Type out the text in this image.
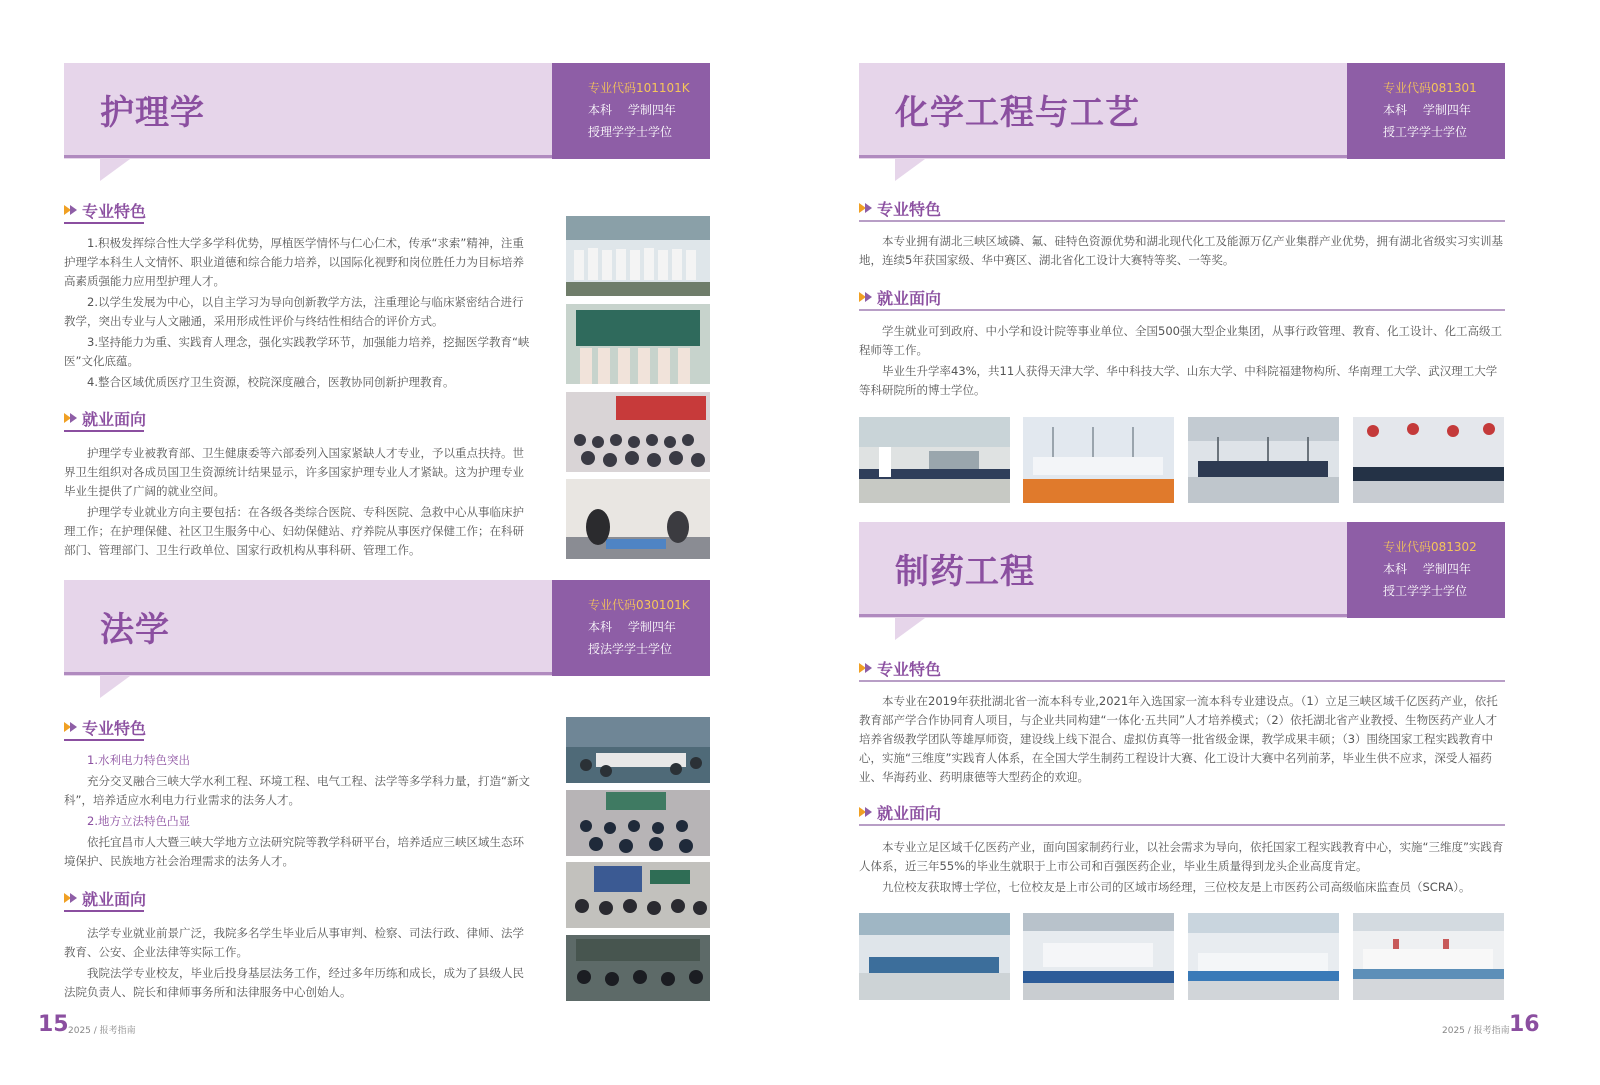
护理学
专业代码101101K
本科　 学制四年
授理学学士学位
专业特色

1.积极发挥综合性大学多学科优势，厚植医学情怀与仁心仁术，传承“求索”精神，注重护理学本科生人文情怀、职业道德和综合能力培养，以国际化视野和岗位胜任力为目标培养高素质强能力应用型护理人才。

2.以学生发展为中心，以自主学习为导向创新教学方法，注重理论与临床紧密结合进行教学，突出专业与人文融通，采用形成性评价与终结性相结合的评价方式。

3.坚持能力为重、实践育人理念，强化实践教学环节，加强能力培养，挖掘医学教育“峡医”文化底蕴。

4.整合区域优质医疗卫生资源，校院深度融合，医教协同创新护理教育。

就业面向

护理学专业被教育部、卫生健康委等六部委列入国家紧缺人才专业，予以重点扶持。世界卫生组织对各成员国卫生资源统计结果显示，许多国家护理专业人才紧缺。这为护理专业毕业生提供了广阔的就业空间。

护理学专业就业方向主要包括：在各级各类综合医院、专科医院、急救中心从事临床护理工作；在护理保健、社区卫生服务中心、妇幼保健站、疗养院从事医疗保健工作；在科研部门、管理部门、卫生行政单位、国家行政机构从事科研、管理工作。

法学
专业代码030101K
本科　 学制四年
授法学学士学位
专业特色

1.水利电力特色突出

充分交叉融合三峡大学水利工程、环境工程、电气工程、法学等多学科力量，打造“新文科”，培养适应水利电力行业需求的法务人才。

2.地方立法特色凸显

依托宜昌市人大暨三峡大学地方立法研究院等教学科研平台，培养适应三峡区域生态环境保护、民族地方社会治理需求的法务人才。

就业面向

法学专业就业前景广泛，我院多名学生毕业后从事审判、检察、司法行政、律师、法学教育、公安、企业法律等实际工作。

我院法学专业校友，毕业后投身基层法务工作，经过多年历练和成长，成为了县级人民法院负责人、院长和律师事务所和法律服务中心创始人。

15 2025 / 报考指南
化学工程与工艺
专业代码081301
本科　 学制四年
授工学学士学位
专业特色

本专业拥有湖北三峡区域磷、氟、硅特色资源优势和湖北现代化工及能源万亿产业集群产业优势，拥有湖北省级实习实训基地，连续5年获国家级、华中赛区、湖北省化工设计大赛特等奖、一等奖。

就业面向

学生就业可到政府、中小学和设计院等事业单位、全国500强大型企业集团，从事行政管理、教育、化工设计、化工高级工程师等工作。

毕业生升学率43%，共11人获得天津大学、华中科技大学、山东大学、中科院福建物构所、华南理工大学、武汉理工大学等科研院所的博士学位。

制药工程
专业代码081302
本科　 学制四年
授工学学士学位
专业特色

本专业在2019年获批湖北省一流本科专业,2021年入选国家一流本科专业建设点。（1）立足三峡区域千亿医药产业，依托教育部产学合作协同育人项目，与企业共同构建“一体化·五共同”人才培养模式；（2）依托湖北省产业教授、生物医药产业人才培养省级教学团队等雄厚师资，建设线上线下混合、虚拟仿真等一批省级金课，教学成果丰硕；（3）围绕国家工程实践教育中心，实施“三维度”实践育人体系，在全国大学生制药工程设计大赛、化工设计大赛中名列前茅，毕业生供不应求，深受人福药业、华海药业、药明康德等大型药企的欢迎。

就业面向

本专业立足区域千亿医药产业，面向国家制药行业，以社会需求为导向，依托国家工程实践教育中心，实施“三维度”实践育人体系，近三年55%的毕业生就职于上市公司和百强医药企业，毕业生质量得到龙头企业高度肯定。

九位校友获取博士学位，七位校友是上市公司的区域市场经理，三位校友是上市医药公司高级临床监查员（SCRA）。

2025 / 报考指南 16
